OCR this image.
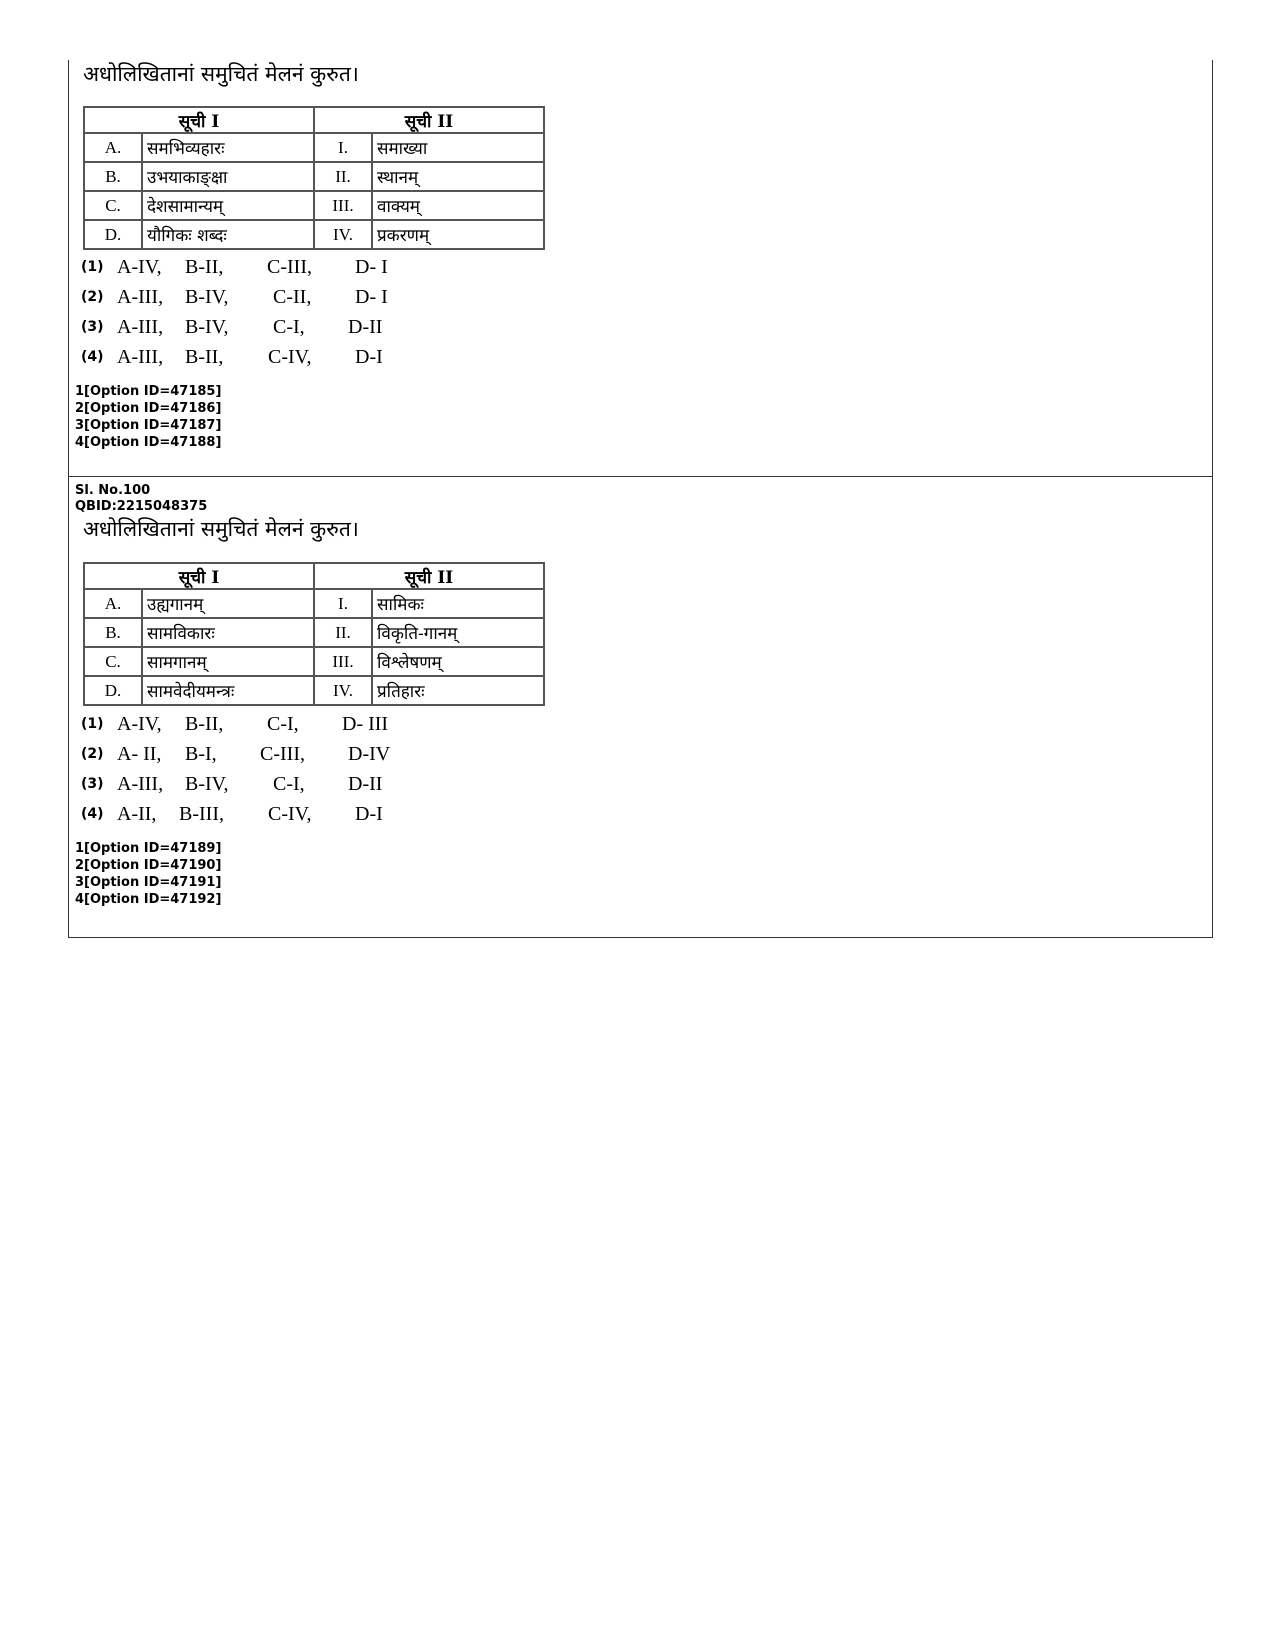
अधोलिखितानां समुचितं मेलनं कुरुत।
सूची I		सूची II	
A.	समभिव्यहारः	I.	समाख्या
B.	उभयाकाङ्क्षा	II.	स्थानम्
C.	देशसामान्यम्	III.	वाक्यम्
D.	यौगिकः शब्दः	IV.	प्रकरणम्
(1) A-IV,	B-II,	C-III,	D- I
(2) A-III,	B-IV,	C-II,	D- I
(3) A-III,	B-IV,	C-I,	D-II
(4) A-III,	B-II,	C-IV,	D-I
1[Option ID=47185]
2[Option ID=47186]
3[Option ID=47187]
4[Option ID=47188]
Sl. No.100
QBID:2215048375
अधोलिखितानां समुचितं मेलनं कुरुत।
सूची I		सूची II	
A.	उह्यगानम्	I.	सामिकः
B.	सामविकारः	II.	विकृति-गानम्
C.	सामगानम्	III.	विश्लेषणम्
D.	सामवेदीयमन्त्रः	IV.	प्रतिहारः
(1) A-IV,	B-II,	C-I,	D- III
(2) A- II,	B-I,	C-III,	D-IV
(3) A-III,	B-IV,	C-I,	D-II
(4) A-II,	B-III,	C-IV,	D-I
1[Option ID=47189]
2[Option ID=47190]
3[Option ID=47191]
4[Option ID=47192]
